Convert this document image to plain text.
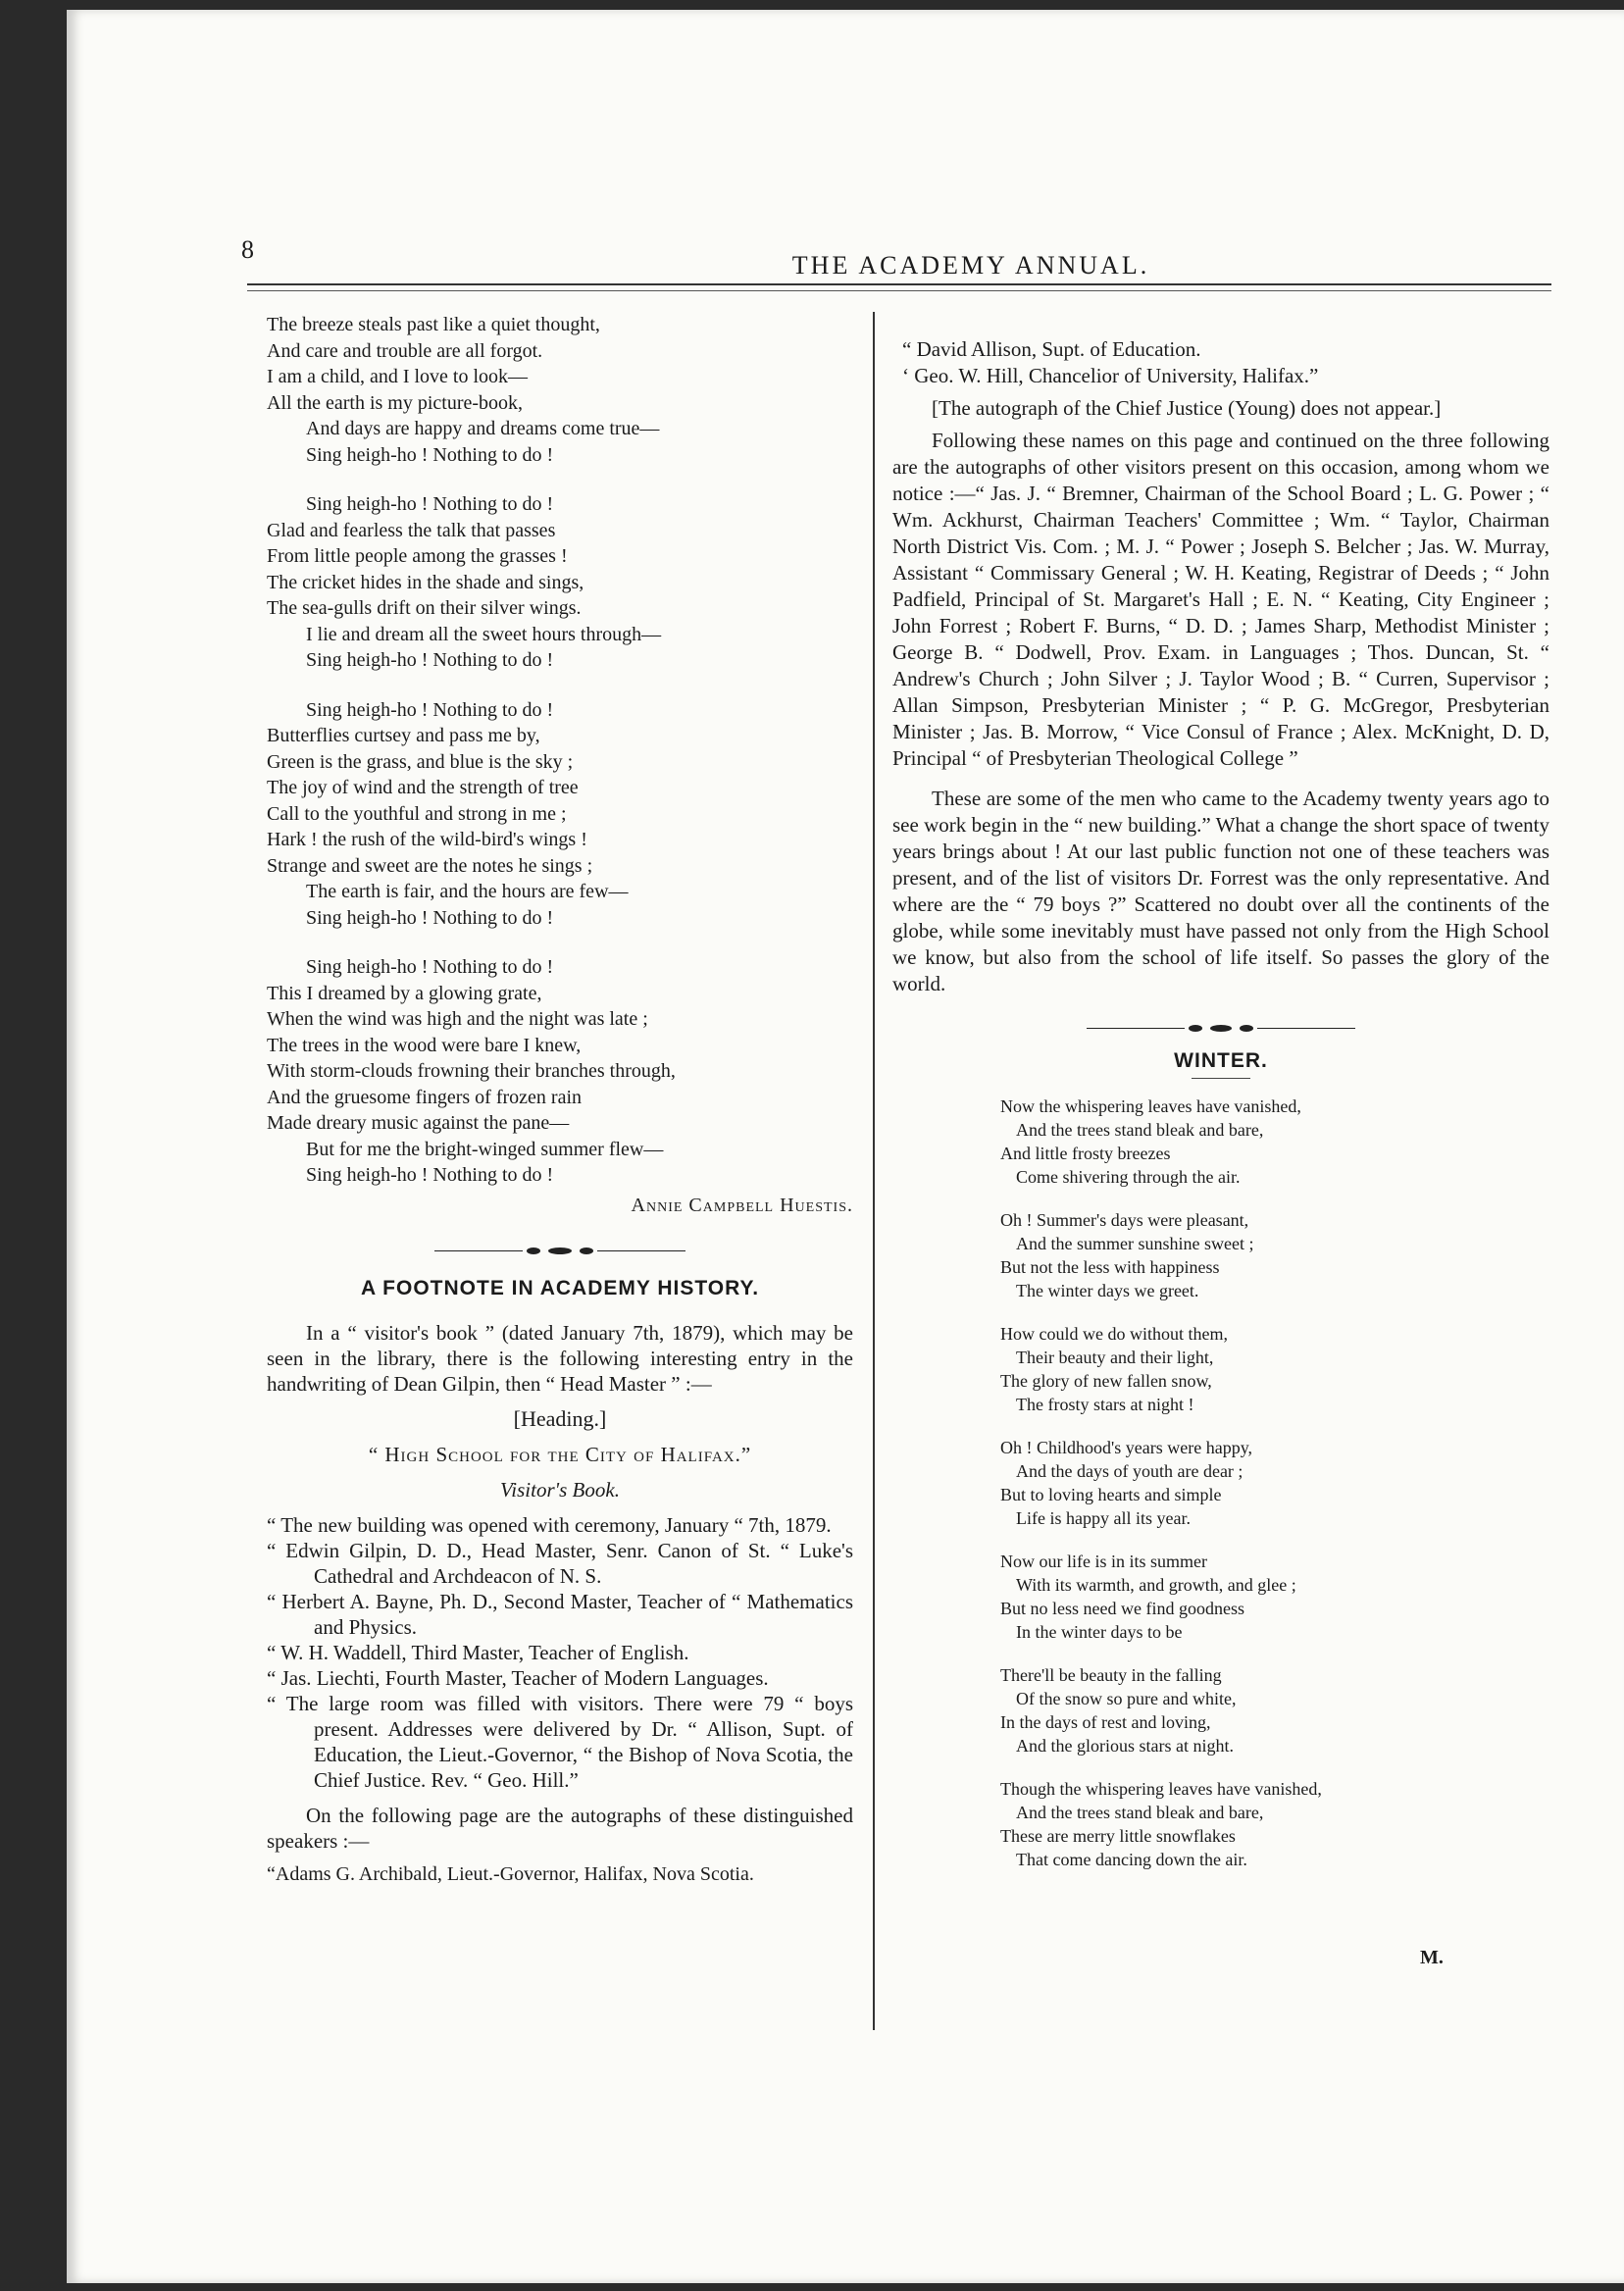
8
THE ACADEMY ANNUAL.

The breeze steals past like a quiet thought,

And care and trouble are all forgot.

I am a child, and I love to look—

All the earth is my picture-book,

And days are happy and dreams come true—

Sing heigh-ho ! Nothing to do !

Sing heigh-ho ! Nothing to do !

Glad and fearless the talk that passes

From little people among the grasses !

The cricket hides in the shade and sings,

The sea-gulls drift on their silver wings.

I lie and dream all the sweet hours through—

Sing heigh-ho ! Nothing to do !

Sing heigh-ho ! Nothing to do !

Butterflies curtsey and pass me by,

Green is the grass, and blue is the sky ;

The joy of wind and the strength of tree

Call to the youthful and strong in me ;

Hark ! the rush of the wild-bird's wings !

Strange and sweet are the notes he sings ;

The earth is fair, and the hours are few—

Sing heigh-ho ! Nothing to do !

Sing heigh-ho ! Nothing to do !

This I dreamed by a glowing grate,

When the wind was high and the night was late ;

The trees in the wood were bare I knew,

With storm-clouds frowning their branches through,

And the gruesome fingers of frozen rain

Made dreary music against the pane—

But for me the bright-winged summer flew—

Sing heigh-ho ! Nothing to do !

Annie Campbell Huestis.
A FOOTNOTE IN ACADEMY HISTORY.

In a “ visitor's book ” (dated January 7th, 1879), which may be seen in the library, there is the following interesting entry in the handwriting of Dean Gilpin, then “ Head Master ” :—

[Heading.]

“ High School for the City of Halifax.”

Visitor's Book.

“ The new building was opened with ceremony, January “ 7th, 1879.

“ Edwin Gilpin, D. D., Head Master, Senr. Canon of St. “ Luke's Cathedral and Archdeacon of N. S.

“ Herbert A. Bayne, Ph. D., Second Master, Teacher of “ Mathematics and Physics.

“ W. H. Waddell, Third Master, Teacher of English.

“ Jas. Liechti, Fourth Master, Teacher of Modern Languages.

“ The large room was filled with visitors. There were 79 “ boys present. Addresses were delivered by Dr. “ Allison, Supt. of Education, the Lieut.-Governor, “ the Bishop of Nova Scotia, the Chief Justice. Rev. “ Geo. Hill.”

On the following page are the autographs of these distinguished speakers :—

“Adams G. Archibald, Lieut.-Governor, Halifax, Nova Scotia.

“ David Allison, Supt. of Education.

‘ Geo. W. Hill, Chancelior of University, Halifax.”

[The autograph of the Chief Justice (Young) does not appear.]

Following these names on this page and continued on the three following are the autographs of other visitors present on this occasion, among whom we notice :—“ Jas. J. “ Bremner, Chairman of the School Board ; L. G. Power ; “ Wm. Ackhurst, Chairman Teachers' Committee ; Wm. “ Taylor, Chairman North District Vis. Com. ; M. J. “ Power ; Joseph S. Belcher ; Jas. W. Murray, Assistant “ Commissary General ; W. H. Keating, Registrar of Deeds ; “ John Padfield, Principal of St. Margaret's Hall ; E. N. “ Keating, City Engineer ; John Forrest ; Robert F. Burns, “ D. D. ; James Sharp, Methodist Minister ; George B. “ Dodwell, Prov. Exam. in Languages ; Thos. Duncan, St. “ Andrew's Church ; John Silver ; J. Taylor Wood ; B. “ Curren, Supervisor ; Allan Simpson, Presbyterian Minister ; “ P. G. McGregor, Presbyterian Minister ; Jas. B. Morrow, “ Vice Consul of France ; Alex. McKnight, D. D, Principal “ of Presbyterian Theological College ”

These are some of the men who came to the Academy twenty years ago to see work begin in the “ new building.” What a change the short space of twenty years brings about ! At our last public function not one of these teachers was present, and of the list of visitors Dr. Forrest was the only representative. And where are the “ 79 boys ?” Scattered no doubt over all the continents of the globe, while some inevitably must have passed not only from the High School we know, but also from the school of life itself. So passes the glory of the world.

WINTER.

Now the whispering leaves have vanished,

And the trees stand bleak and bare,

And little frosty breezes

Come shivering through the air.

Oh ! Summer's days were pleasant,

And the summer sunshine sweet ;

But not the less with happiness

The winter days we greet.

How could we do without them,

Their beauty and their light,

The glory of new fallen snow,

The frosty stars at night !

Oh ! Childhood's years were happy,

And the days of youth are dear ;

But to loving hearts and simple

Life is happy all its year.

Now our life is in its summer

With its warmth, and growth, and glee ;

But no less need we find goodness

In the winter days to be

There'll be beauty in the falling

Of the snow so pure and white,

In the days of rest and loving,

And the glorious stars at night.

Though the whispering leaves have vanished,

And the trees stand bleak and bare,

These are merry little snowflakes

That come dancing down the air.

M.
